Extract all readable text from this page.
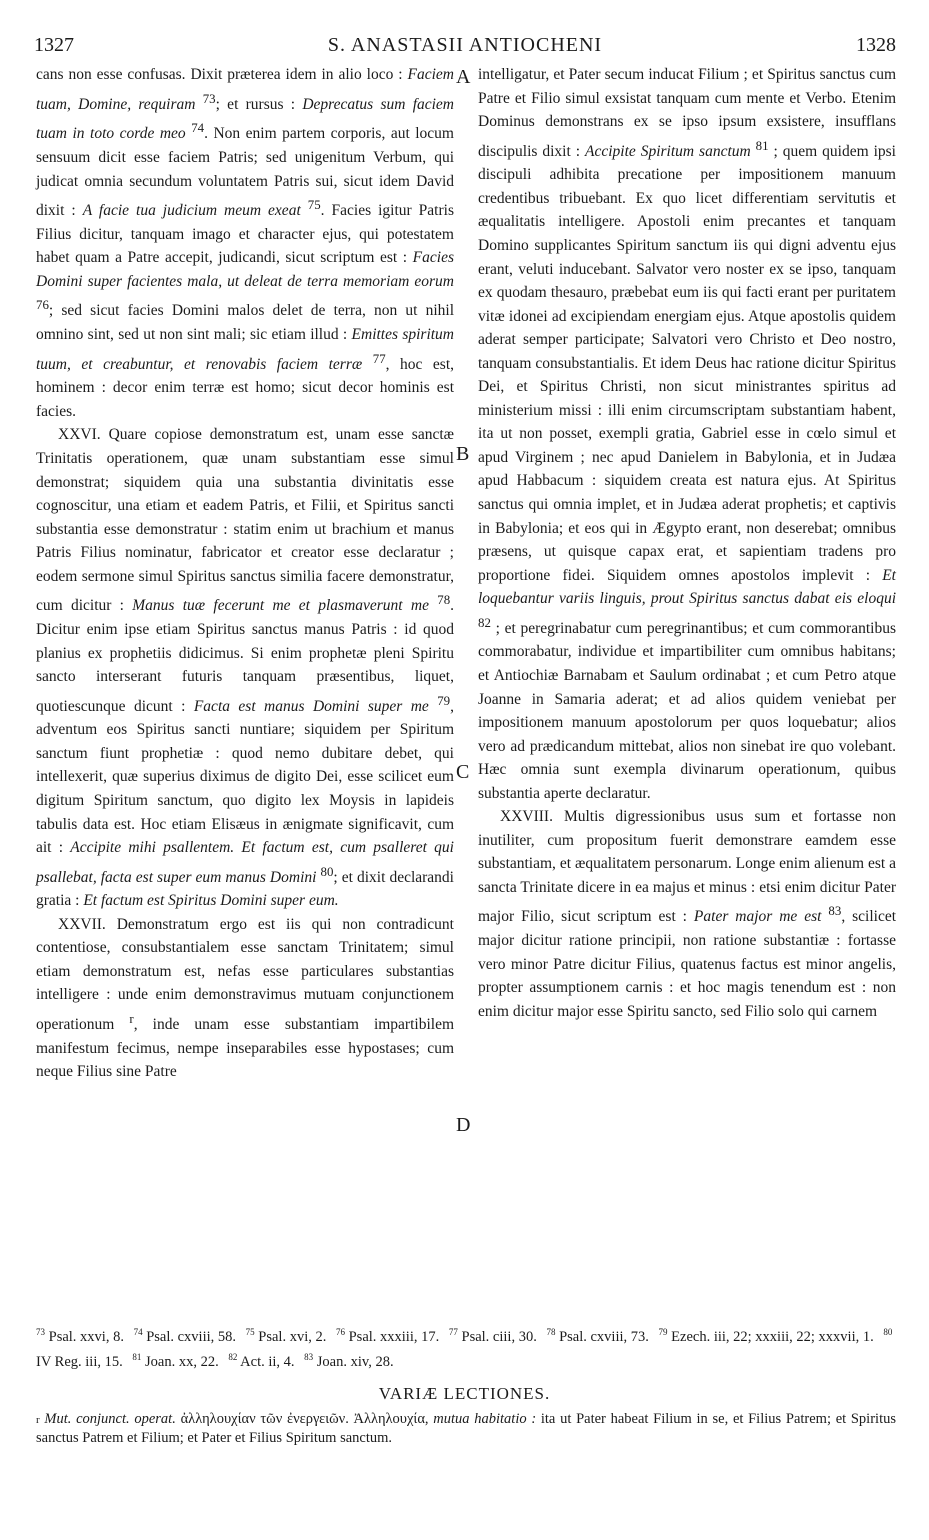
1327	S. ANASTASII ANTIOCHENI	1328

cans non esse confusas. Dixit præterea idem in alio loco : Faciem tuam, Domine, requiram $^{73}$; et rursus : Deprecatus sum faciem tuam in toto corde meo $^{74}$. Non enim partem corporis, aut locum sensuum dicit esse faciem Patris; sed unigenitum Verbum, qui judicat omnia secundum voluntatem Patris sui, sicut idem David dixit : A facie tua judicium meum exeat $^{75}$. Facies igitur Patris Filius dicitur, tanquam imago et character ejus, qui potestatem habet quam a Patre accepit, judicandi, sicut scriptum est : Facies Domini super facientes mala, ut deleat de terra memoriam eorum $^{76}$; sed sicut facies Domini malos delet de terra, non ut nihil omnino sint, sed ut non sint mali; sic etiam illud : Emittes spiritum tuum, et creabuntur, et renovabis faciem terræ $^{77}$, hoc est, hominem : decor enim terræ est homo; sicut decor hominis est facies.

XXVI. Quare copiose demonstratum est, unam esse sanctæ Trinitatis operationem, quæ unam substantiam esse simul demonstrat; siquidem quia una substantia divinitatis esse cognoscitur, una etiam et eadem Patris, et Filii, et Spiritus sancti substantia esse demonstratur : statim enim ut brachium et manus Patris Filius nominatur, fabricator et creator esse declaratur ; eodem sermone simul Spiritus sanctus similia facere demonstratur, cum dicitur : Manus tuæ fecerunt me et plasmaverunt me $^{78}$. Dicitur enim ipse etiam Spiritus sanctus manus Patris : id quod planius ex prophetiis didicimus. Si enim prophetæ pleni Spiritu sancto interserant futuris tanquam præsentibus, liquet, quotiescunque dicunt : Facta est manus Domini super me $^{79}$, adventum eos Spiritus sancti nuntiare; siquidem per Spiritum sanctum fiunt prophetiæ : quod nemo dubitare debet, qui intellexerit, quæ superius diximus de digito Dei, esse scilicet eum digitum Spiritum sanctum, quo digito lex Moysis in lapideis tabulis data est. Hoc etiam Elisæus in ænigmate significavit, cum ait : Accipite mihi psallentem. Et factum est, cum psalleret qui psallebat, facta est super eum manus Domini $^{80}$; et dixit declarandi gratia : Et factum est Spiritus Domini super eum.

XXVII. Demonstratum ergo est iis qui non contradicunt contentiose, consubstantialem esse sanctam Trinitatem; simul etiam demonstratum est, nefas esse particulares substantias intelligere : unde enim demonstravimus mutuam conjunctionem operationum $^r$, inde unam esse substantiam impartibilem manifestum fecimus, nempe inseparabiles esse hypostases; cum neque Filius sine Patre

A
B
C
D

intelligatur, et Pater secum inducat Filium ; et Spiritus sanctus cum Patre et Filio simul exsistat tanquam cum mente et Verbo. Etenim Dominus demonstrans ex se ipso ipsum exsistere, insufflans discipulis dixit : Accipite Spiritum sanctum $^{81}$ ; quem quidem ipsi discipuli adhibita precatione per impositionem manuum credentibus tribuebant. Ex quo licet differentiam servitutis et æqualitatis intelligere. Apostoli enim precantes et tanquam Domino supplicantes Spiritum sanctum iis qui digni adventu ejus erant, veluti inducebant. Salvator vero noster ex se ipso, tanquam ex quodam thesauro, præbebat eum iis qui facti erant per puritatem vitæ idonei ad excipiendam energiam ejus. Atque apostolis quidem aderat semper participate; Salvatori vero Christo et Deo nostro, tanquam consubstantialis. Et idem Deus hac ratione dicitur Spiritus Dei, et Spiritus Christi, non sicut ministrantes spiritus ad ministerium missi : illi enim circumscriptam substantiam habent, ita ut non posset, exempli gratia, Gabriel esse in cœlo simul et apud Virginem ; nec apud Danielem in Babylonia, et in Judæa apud Habbacum : siquidem creata est natura ejus. At Spiritus sanctus qui omnia implet, et in Judæa aderat prophetis; et captivis in Babylonia; et eos qui in Ægypto erant, non deserebat; omnibus præsens, ut quisque capax erat, et sapientiam tradens pro proportione fidei. Siquidem omnes apostolos implevit : Et loquebantur variis linguis, prout Spiritus sanctus dabat eis eloqui $^{82}$ ; et peregrinabatur cum peregrinantibus; et cum commorantibus commorabatur, individue et impartibiliter cum omnibus habitans; et Antiochiæ Barnabam et Saulum ordinabat ; et cum Petro atque Joanne in Samaria aderat; et ad alios quidem veniebat per impositionem manuum apostolorum per quos loquebatur; alios vero ad prædicandum mittebat, alios non sinebat ire quo volebant. Hæc omnia sunt exempla divinarum operationum, quibus substantia aperte declaratur.

XXVIII. Multis digressionibus usus sum et fortasse non inutiliter, cum propositum fuerit demonstrare eamdem esse substantiam, et æqualitatem personarum. Longe enim alienum est a sancta Trinitate dicere in ea majus et minus : etsi enim dicitur Pater major Filio, sicut scriptum est : Pater major me est $^{83}$, scilicet major dicitur ratione principii, non ratione substantiæ : fortasse vero minor Patre dicitur Filius, quatenus factus est minor angelis, propter assumptionem carnis : et hoc magis tenendum est : non enim dicitur major esse Spiritu sancto, sed Filio solo qui carnem

$^{73}$ Psal. xxvi, 8. $^{74}$ Psal. cxviii, 58. $^{75}$ Psal. xvi, 2. $^{76}$ Psal. xxxiii, 17. $^{77}$ Psal. ciii, 30. $^{78}$ Psal. cxviii, 73. $^{79}$ Ezech. iii, 22; xxxiii, 22; xxxvii, 1. $^{80}$ IV Reg. iii, 15. $^{81}$ Joan. xx, 22. $^{82}$ Act. ii, 4. $^{83}$ Joan. xiv, 28.
VARIÆ LECTIONES.
r Mut. conjunct. operat. ἀλληλουχίαν τῶν ἐνεργειῶν. Ἀλληλουχία, mutua habitatio : ita ut Pater habeat Filium in se, et Filius Patrem; et Spiritus sanctus Patrem et Filium; et Pater et Filius Spiritum sanctum.
